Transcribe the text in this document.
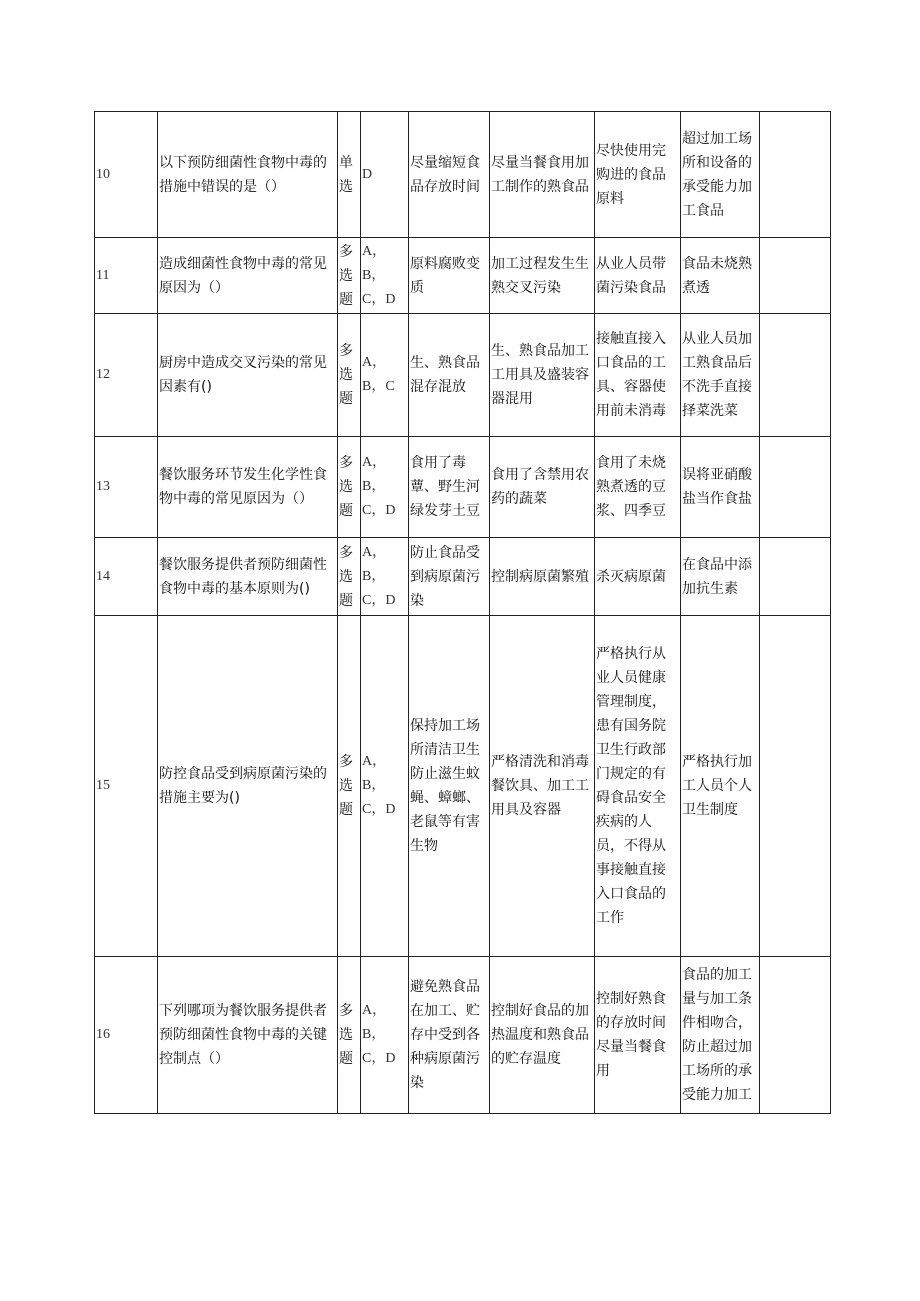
10	以下预防细菌性食物中毒的措施中错误的是（）	单选	D	尽量缩短食品存放时间	尽量当餐食用加工制作的熟食品	尽快使用完购进的食品原料	超过加工场所和设备的承受能力加工食品	
11	造成细菌性食物中毒的常见原因为（）	多选题	A，B，C，D	原料腐败变质	加工过程发生生熟交叉污染	从业人员带菌污染食品	食品未烧熟煮透	
12	厨房中造成交叉污染的常见因素有()	多选题	A，B，C	生、熟食品混存混放	生、熟食品加工工用具及盛装容器混用	接触直接入口食品的工具、容器使用前未消毒	从业人员加工熟食品后不洗手直接择菜洗菜	
13	餐饮服务环节发生化学性食物中毒的常见原因为（）	多选题	A，B，C，D	食用了毒蕈、野生河绿发芽土豆	食用了含禁用农药的蔬菜	食用了未烧熟煮透的豆浆、四季豆	误将亚硝酸盐当作食盐	
14	餐饮服务提供者预防细菌性食物中毒的基本原则为()	多选题	A，B，C，D	防止食品受到病原菌污染	控制病原菌繁殖	杀灭病原菌	在食品中添加抗生素	
15	防控食品受到病原菌污染的措施主要为()	多选题	A，B，C，D	保持加工场所清洁卫生防止滋生蚊蝇、蟑螂、老鼠等有害生物	严格清洗和消毒餐饮具、加工工用具及容器	严格执行从业人员健康管理制度，患有国务院卫生行政部门规定的有碍食品安全疾病的人员，不得从事接触直接入口食品的工作	严格执行加工人员个人卫生制度	
16	下列哪项为餐饮服务提供者预防细菌性食物中毒的关键控制点（）	多选题	A，B，C，D	避免熟食品在加工、贮存中受到各种病原菌污染	控制好食品的加热温度和熟食品的贮存温度	控制好熟食的存放时间尽量当餐食用	食品的加工量与加工条件相吻合，防止超过加工场所的承受能力加工	
